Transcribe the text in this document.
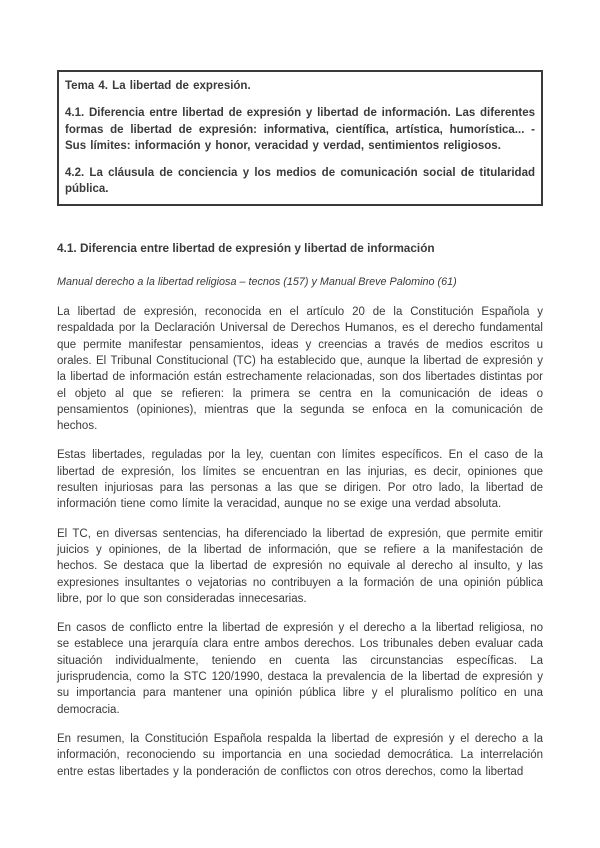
Tema 4. La libertad de expresión.

4.1. Diferencia entre libertad de expresión y libertad de información. Las diferentes formas de libertad de expresión: informativa, científica, artística, humorística... - Sus límites: información y honor, veracidad y verdad, sentimientos religiosos.

4.2. La cláusula de conciencia y los medios de comunicación social de titularidad pública.

4.1. Diferencia entre libertad de expresión y libertad de información

Manual derecho a la libertad religiosa – tecnos (157) y Manual Breve Palomino (61)

La libertad de expresión, reconocida en el artículo 20 de la Constitución Española y respaldada por la Declaración Universal de Derechos Humanos, es el derecho fundamental que permite manifestar pensamientos, ideas y creencias a través de medios escritos u orales. El Tribunal Constitucional (TC) ha establecido que, aunque la libertad de expresión y la libertad de información están estrechamente relacionadas, son dos libertades distintas por el objeto al que se refieren: la primera se centra en la comunicación de ideas o pensamientos (opiniones), mientras que la segunda se enfoca en la comunicación de hechos.

Estas libertades, reguladas por la ley, cuentan con límites específicos. En el caso de la libertad de expresión, los límites se encuentran en las injurias, es decir, opiniones que resulten injuriosas para las personas a las que se dirigen. Por otro lado, la libertad de información tiene como límite la veracidad, aunque no se exige una verdad absoluta.

El TC, en diversas sentencias, ha diferenciado la libertad de expresión, que permite emitir juicios y opiniones, de la libertad de información, que se refiere a la manifestación de hechos. Se destaca que la libertad de expresión no equivale al derecho al insulto, y las expresiones insultantes o vejatorias no contribuyen a la formación de una opinión pública libre, por lo que son consideradas innecesarias.

En casos de conflicto entre la libertad de expresión y el derecho a la libertad religiosa, no se establece una jerarquía clara entre ambos derechos. Los tribunales deben evaluar cada situación individualmente, teniendo en cuenta las circunstancias específicas. La jurisprudencia, como la STC 120/1990, destaca la prevalencia de la libertad de expresión y su importancia para mantener una opinión pública libre y el pluralismo político en una democracia.

En resumen, la Constitución Española respalda la libertad de expresión y el derecho a la información, reconociendo su importancia en una sociedad democrática. La interrelación entre estas libertades y la ponderación de conflictos con otros derechos, como la libertad
